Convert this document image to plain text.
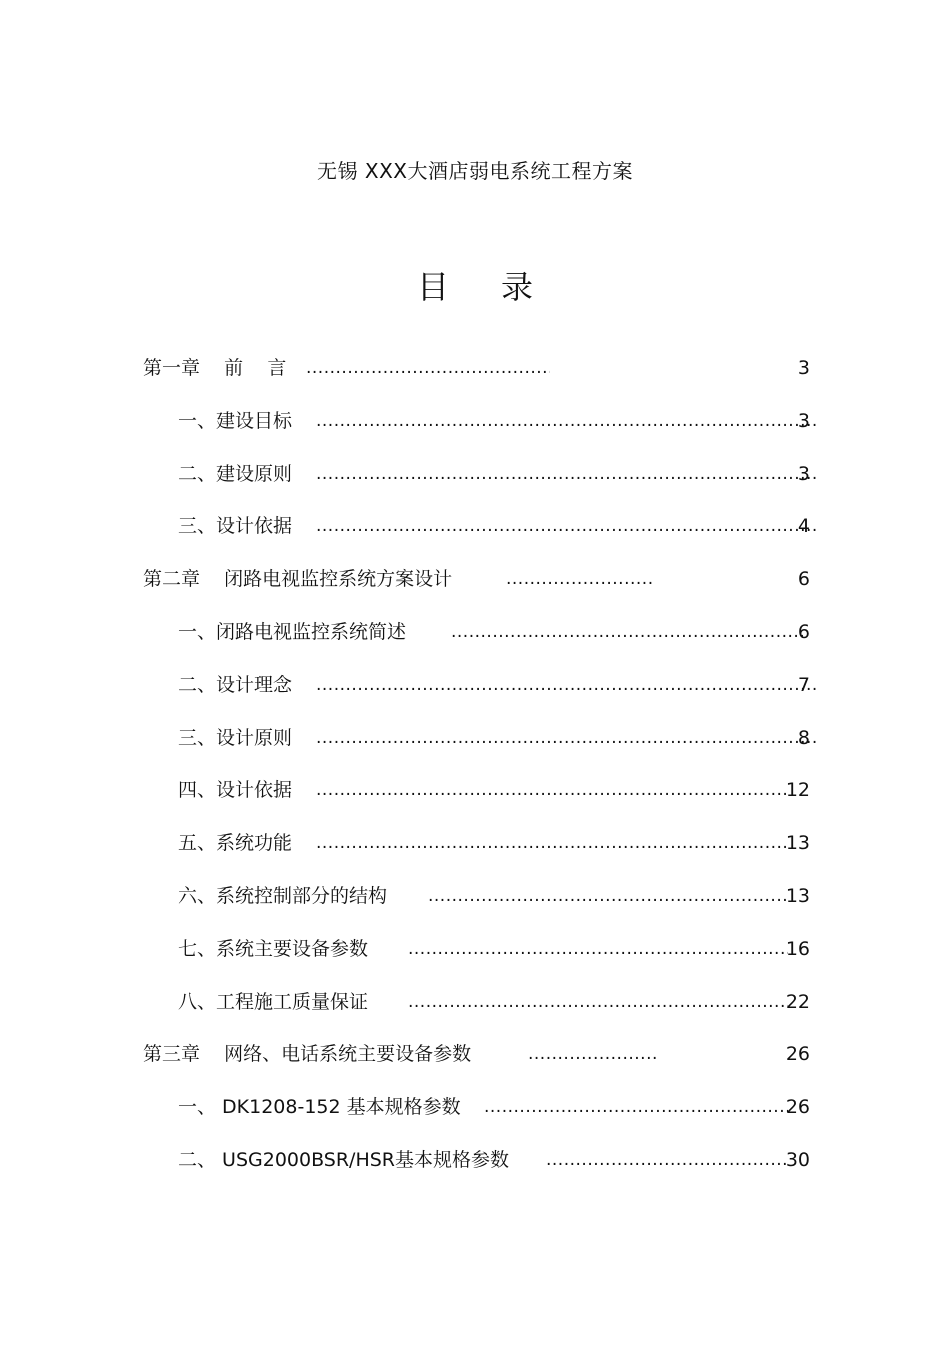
无锡 XXX大酒店弱电系统工程方案
目录
第一章    前    言 .....	3
一、建设目标 .....	3
二、建设原则 .....	3
三、设计依据 .....	4
第二章    闭路电视监控系统方案设计 .....	6
一、闭路电视监控系统简述 .....	6
二、设计理念 .....	7
三、设计原则 .....	8
四、设计依据 .....	12
五、系统功能 .....	13
六、系统控制部分的结构 .....	13
七、系统主要设备参数 .....	16
八、工程施工质量保证 .....	22
第三章    网络、电话系统主要设备参数 .....	26
一、 DK1208-152 基本规格参数 .....	26
二、 USG2000BSR/HSR基本规格参数 .....	30
